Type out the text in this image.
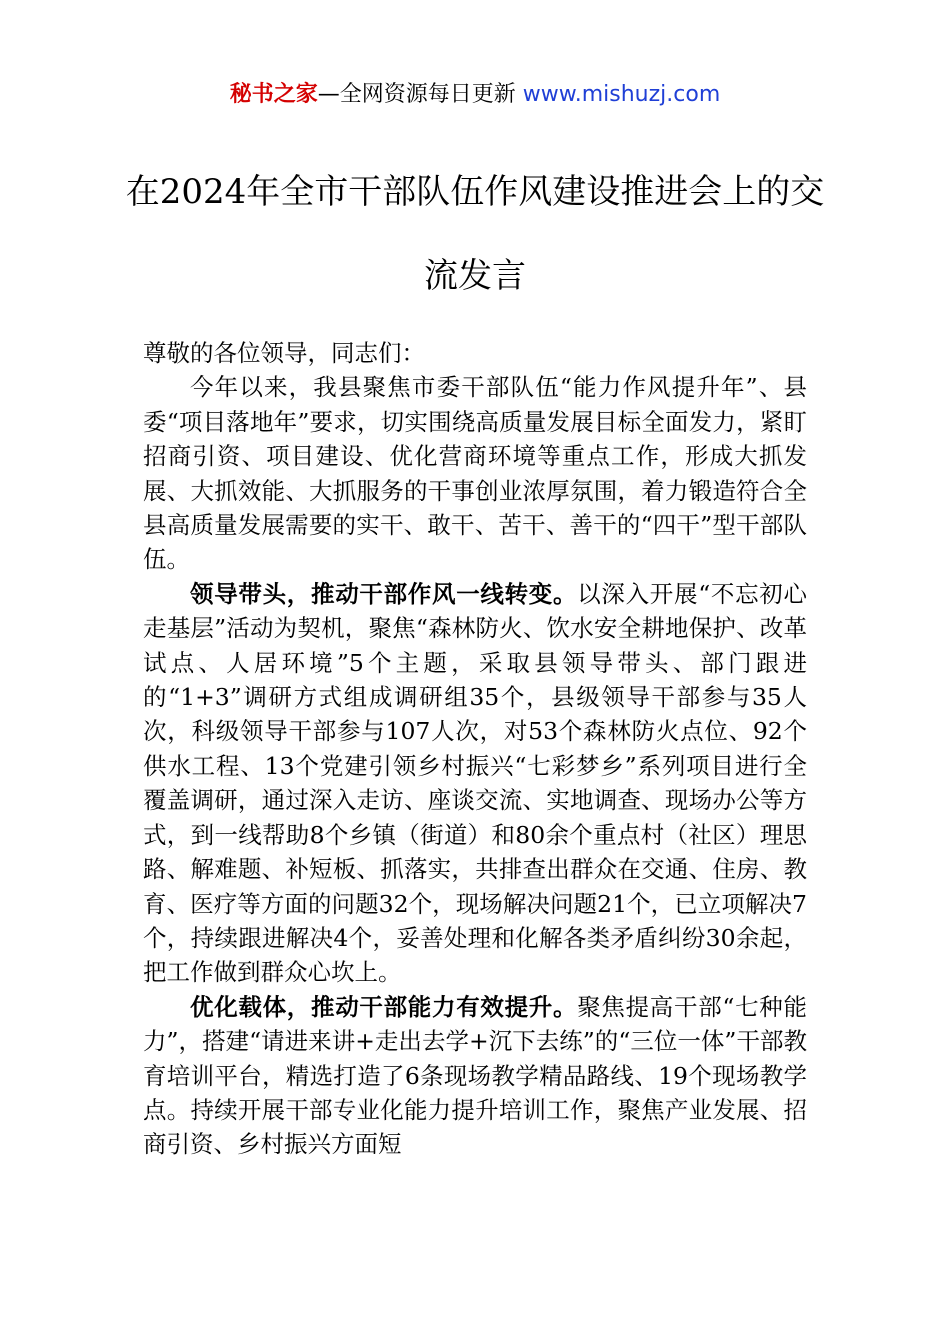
秘书之家—全网资源每日更新 www.mishuzj.com
在2024年全市干部队伍作风建设推进会上的交流发言

尊敬的各位领导，同志们：

今年以来，我县聚焦市委干部队伍“能力作风提升年”、县委“项目落地年”要求，切实围绕高质量发展目标全面发力，紧盯招商引资、项目建设、优化营商环境等重点工作，形成大抓发展、大抓效能、大抓服务的干事创业浓厚氛围，着力锻造符合全县高质量发展需要的实干、敢干、苦干、善干的“四干”型干部队伍。

领导带头，推动干部作风一线转变。以深入开展“不忘初心走基层”活动为契机，聚焦“森林防火、饮水安全耕地保护、改革试点、人居环境”5个主题，采取县领导带头、部门跟进的“1+3”调研方式组成调研组35个，县级领导干部参与35人次，科级领导干部参与107人次，对53个森林防火点位、92个供水工程、13个党建引领乡村振兴“七彩梦乡”系列项目进行全覆盖调研，通过深入走访、座谈交流、实地调查、现场办公等方式，到一线帮助8个乡镇（街道）和80余个重点村（社区）理思路、解难题、补短板、抓落实，共排查出群众在交通、住房、教育、医疗等方面的问题32个，现场解决问题21个，已立项解决7个，持续跟进解决4个，妥善处理和化解各类矛盾纠纷30余起，把工作做到群众心坎上。

优化载体，推动干部能力有效提升。聚焦提高干部“七种能力”，搭建“请进来讲+走出去学+沉下去练”的“三位一体”干部教育培训平台，精选打造了6条现场教学精品路线、19个现场教学点。持续开展干部专业化能力提升培训工作，聚焦产业发展、招商引资、乡村振兴方面短
